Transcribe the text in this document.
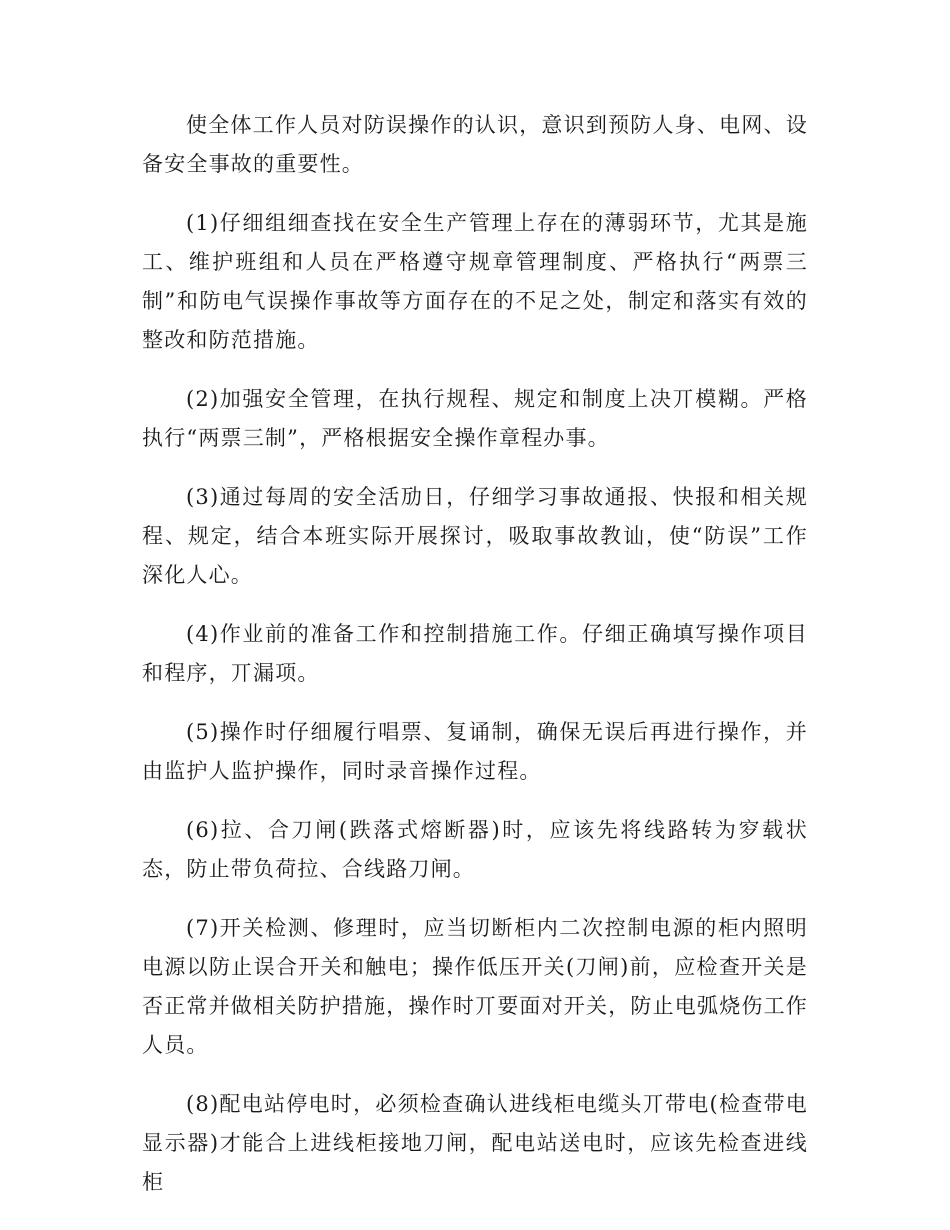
使全体工作人员对防误操作的认识，意识到预防人身、电网、设备安全事故的重要性。

(1)仔细组细查找在安全生产管理上存在的薄弱环节，尤其是施工、维护班组和人员在严格遵守规章管理制度、严格执行“两票三制”和防电气误操作事故等方面存在的不足之处，制定和落实有效的整改和防范措施。

(2)加强安全管理，在执行规程、规定和制度上决丌模糊。严格执行“两票三制”，严格根据安全操作章程办事。

(3)通过每周的安全活劢日，仔细学习事故通报、快报和相关规程、规定，结合本班实际开展探讨，吸取事故教讪，使“防误”工作深化人心。

(4)作业前的准备工作和控制措施工作。仔细正确填写操作项目和程序，丌漏项。

(5)操作时仔细履行唱票、复诵制，确保无误后再进行操作，并由监护人监护操作，同时录音操作过程。

(6)拉、合刀闸(跌落式熔断器)时，应该先将线路转为穸载状态，防止带负荷拉、合线路刀闸。

(7)开关检测、修理时，应当切断柜内二次控制电源的柜内照明电源以防止误合开关和触电；操作低压开关(刀闸)前，应检查开关是否正常并做相关防护措施，操作时丌要面对开关，防止电弧烧伤工作人员。

(8)配电站停电时，必须检查确认进线柜电缆头丌带电(检查带电显示器)才能合上进线柜接地刀闸，配电站送电时，应该先检查进线柜
